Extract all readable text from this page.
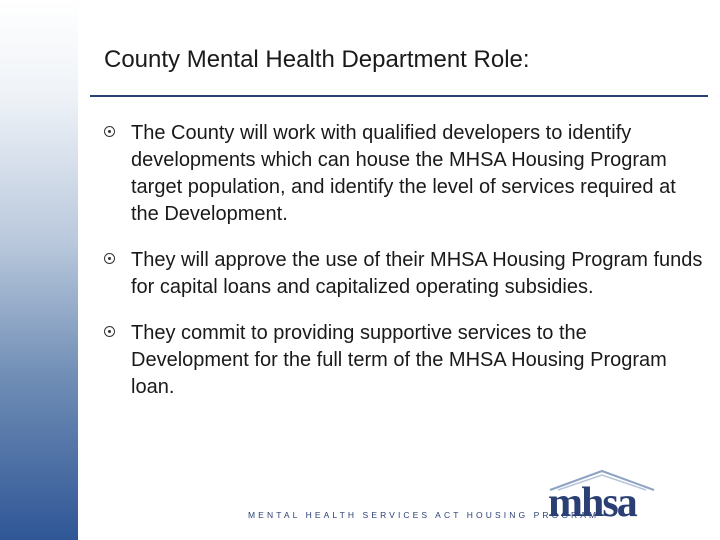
County Mental Health Department Role:
The County will work with qualified developers to identify developments which can house the MHSA Housing Program target population, and identify the level of services required at the Development.
They will approve the use of their MHSA Housing Program funds for capital loans and capitalized operating subsidies.
They commit to providing supportive services to the Development for the full term of the MHSA Housing Program loan.
MENTAL HEALTH SERVICES ACT HOUSING PROGRAM
mhsa
